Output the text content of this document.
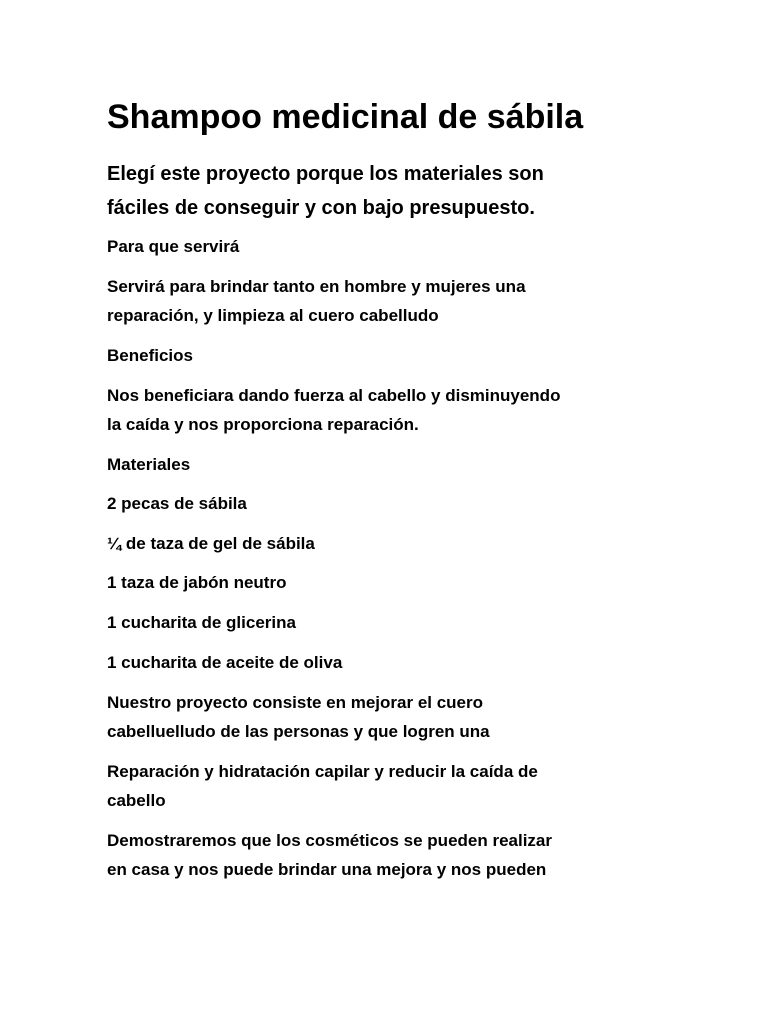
Shampoo medicinal de sábila

Elegí este proyecto porque los materiales son
fáciles de conseguir y con bajo presupuesto.

Para que servirá

Servirá para brindar tanto en hombre y mujeres una
reparación, y limpieza al cuero cabelludo

Beneficios

Nos beneficiara dando fuerza al cabello y disminuyendo
la caída y nos proporciona reparación.

Materiales

2 pecas de sábila

¼ de taza de gel de sábila

1 taza de jabón neutro

1 cucharita de glicerina

1 cucharita de aceite de oliva

Nuestro proyecto consiste en mejorar el cuero
cabelluelludo de las personas y que logren una

Reparación y hidratación capilar y reducir la caída de
cabello

Demostraremos que los cosméticos se pueden realizar
en casa y nos puede brindar una mejora y nos pueden
